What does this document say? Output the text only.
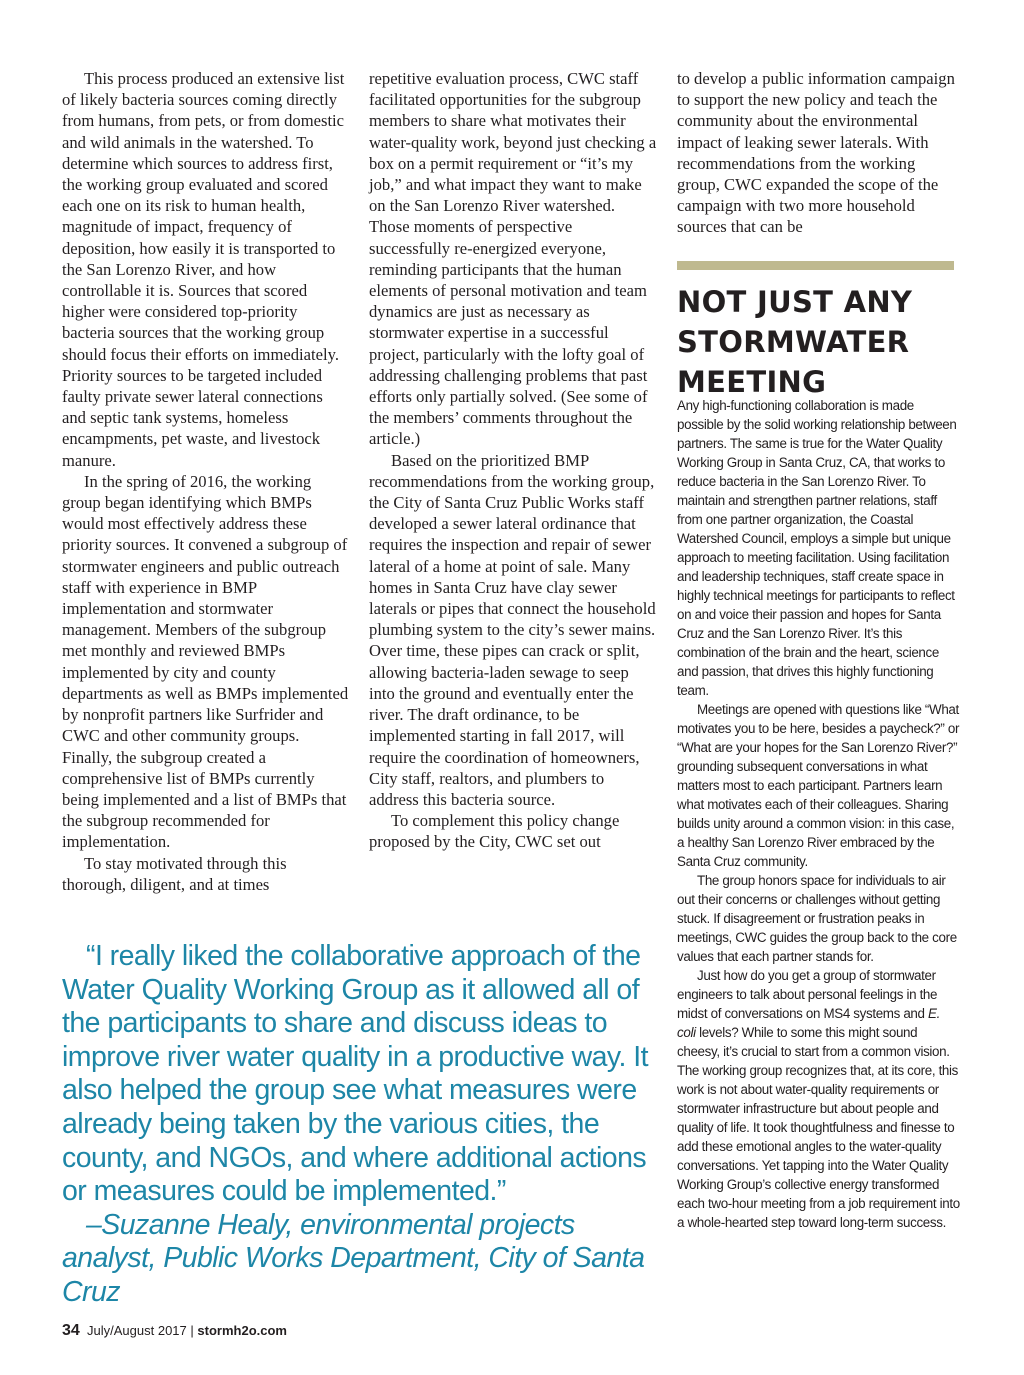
This process produced an extensive list of likely bacteria sources coming directly from humans, from pets, or from domestic and wild animals in the watershed. To determine which sources to address first, the working group evaluated and scored each one on its risk to human health, magnitude of impact, frequency of deposition, how easily it is transported to the San Lorenzo River, and how controllable it is. Sources that scored higher were considered top-priority bacteria sources that the working group should focus their efforts on immediately. Priority sources to be targeted included faulty private sewer lateral connections and septic tank systems, homeless encampments, pet waste, and livestock manure.

In the spring of 2016, the working group began identifying which BMPs would most effectively address these priority sources. It convened a subgroup of stormwater engineers and public outreach staff with experience in BMP implementation and stormwater management. Members of the subgroup met monthly and reviewed BMPs implemented by city and county departments as well as BMPs implemented by nonprofit partners like Surfrider and CWC and other community groups. Finally, the subgroup created a comprehensive list of BMPs currently being implemented and a list of BMPs that the subgroup recommended for implementation.

To stay motivated through this thorough, diligent, and at times

repetitive evaluation process, CWC staff facilitated opportunities for the subgroup members to share what motivates their water-quality work, beyond just checking a box on a permit requirement or “it’s my job,” and what impact they want to make on the San Lorenzo River watershed. Those moments of perspective successfully re-energized everyone, reminding participants that the human elements of personal motivation and team dynamics are just as necessary as stormwater expertise in a successful project, particularly with the lofty goal of addressing challenging problems that past efforts only partially solved. (See some of the members’ comments throughout the article.)

Based on the prioritized BMP recommendations from the working group, the City of Santa Cruz Public Works staff developed a sewer lateral ordinance that requires the inspection and repair of sewer lateral of a home at point of sale. Many homes in Santa Cruz have clay sewer laterals or pipes that connect the household plumbing system to the city’s sewer mains. Over time, these pipes can crack or split, allowing bacteria-laden sewage to seep into the ground and eventually enter the river. The draft ordinance, to be implemented starting in fall 2017, will require the coordination of homeowners, City staff, realtors, and plumbers to address this bacteria source.

To complement this policy change proposed by the City, CWC set out

to develop a public information campaign to support the new policy and teach the community about the environmental impact of leaking sewer laterals. With recommendations from the working group, CWC expanded the scope of the campaign with two more household sources that can be

NOT JUST ANY
STORMWATER
MEETING

Any high-functioning collaboration is made possible by the solid working relationship between partners. The same is true for the Water Quality Working Group in Santa Cruz, CA, that works to reduce bacteria in the San Lorenzo River. To maintain and strengthen partner relations, staff from one partner organization, the Coastal Watershed Council, employs a simple but unique approach to meeting facilitation. Using facilitation and leadership techniques, staff create space in highly technical meetings for participants to reflect on and voice their passion and hopes for Santa Cruz and the San Lorenzo River. It’s this combination of the brain and the heart, science and passion, that drives this highly functioning team.

Meetings are opened with questions like “What motivates you to be here, besides a paycheck?” or “What are your hopes for the San Lorenzo River?” grounding subsequent conversations in what matters most to each participant. Partners learn what motivates each of their colleagues. Sharing builds unity around a common vision: in this case, a healthy San Lorenzo River embraced by the Santa Cruz community.

The group honors space for individuals to air out their concerns or challenges without getting stuck. If disagreement or frustration peaks in meetings, CWC guides the group back to the core values that each partner stands for.

Just how do you get a group of stormwater engineers to talk about personal feelings in the midst of conversations on MS4 systems and E. coli levels? While to some this might sound cheesy, it’s crucial to start from a common vision. The working group recognizes that, at its core, this work is not about water-quality requirements or stormwater infrastructure but about people and quality of life. It took thoughtfulness and finesse to add these emotional angles to the water-quality conversations. Yet tapping into the Water Quality Working Group’s collective energy transformed each two-hour meeting from a job requirement into a whole-hearted step toward long-term success.

“I really liked the collaborative approach of the Water Quality Working Group as it allowed all of the participants to share and discuss ideas to improve river water quality in a productive way. It also helped the group see what measures were already being taken by the various cities, the county, and NGOs, and where additional actions or measures could be implemented.”

–Suzanne Healy, environmental projects analyst, Public Works Department, City of Santa Cruz

34 July/August 2017 | stormh2o.com
